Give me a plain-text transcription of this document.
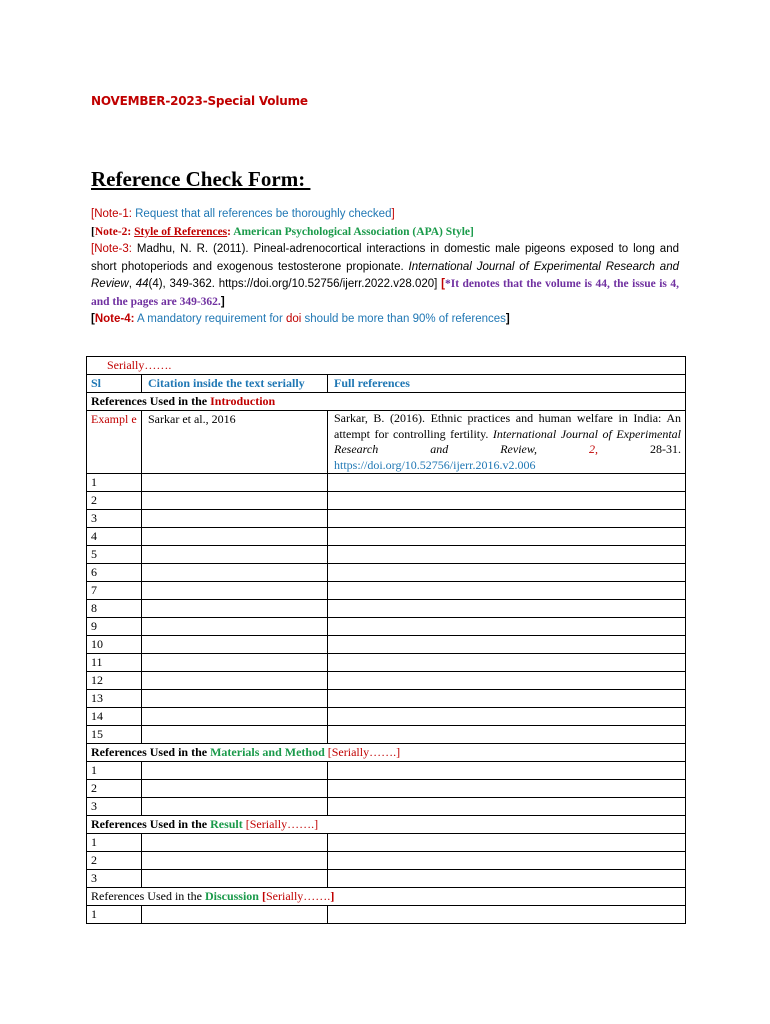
NOVEMBER-2023-Special Volume
Reference Check Form:

[Note-1: Request that all references be thoroughly checked]

[Note-2: Style of References: American Psychological Association (APA) Style]

[Note-3: Madhu, N. R. (2011). Pineal-adrenocortical interactions in domestic male pigeons exposed to long and short photoperiods and exogenous testosterone propionate. International Journal of Experimental Research and Review, 44(4), 349-362. https://doi.org/10.52756/ijerr.2022.v28.020] [*It denotes that the volume is 44, the issue is 4, and the pages are 349-362.]

[Note-4: A mandatory requirement for doi should be more than 90% of references]

Serially…….		
Sl	Citation inside the text serially	Full references
References Used in the Introduction		
Exampl e	Sarkar et al., 2016	Sarkar, B. (2016). Ethnic practices and human welfare in India: An attempt for controlling fertility. International Journal of Experimental Research and Review, 2, 28-31. https://doi.org/10.52756/ijerr.2016.v2.006
1		
2		
3		
4		
5		
6		
7		
8		
9		
10		
11		
12		
13		
14		
15		
References Used in the Materials and Method [Serially…….]		
1		
2		
3		
References Used in the Result [Serially…….]		
1		
2		
3		
References Used in the Discussion [Serially…….]		
1		
